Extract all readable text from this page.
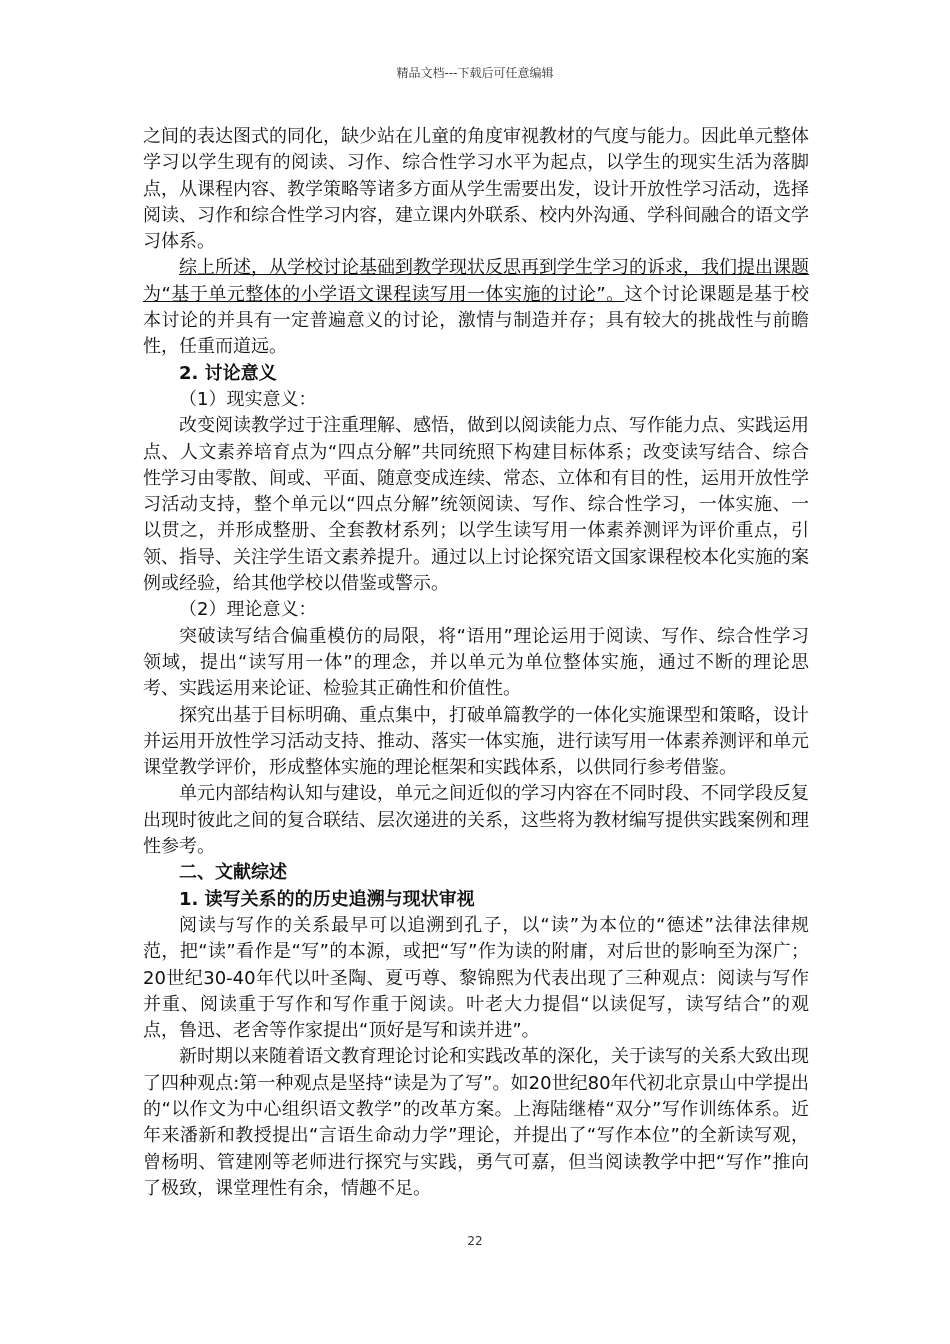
精品文档---下载后可任意编辑

之间的表达图式的同化，缺少站在儿童的角度审视教材的气度与能力。因此单元整体学习以学生现有的阅读、习作、综合性学习水平为起点，以学生的现实生活为落脚点，从课程内容、教学策略等诸多方面从学生需要出发，设计开放性学习活动，选择阅读、习作和综合性学习内容，建立课内外联系、校内外沟通、学科间融合的语文学习体系。

综上所述，从学校讨论基础到教学现状反思再到学生学习的诉求，我们提出课题为“基于单元整体的小学语文课程读写用一体实施的讨论”。这个讨论课题是基于校本讨论的并具有一定普遍意义的讨论，激情与制造并存；具有较大的挑战性与前瞻性，任重而道远。

2. 讨论意义

（1）现实意义：

改变阅读教学过于注重理解、感悟，做到以阅读能力点、写作能力点、实践运用点、人文素养培育点为“四点分解”共同统照下构建目标体系；改变读写结合、综合性学习由零散、间或、平面、随意变成连续、常态、立体和有目的性，运用开放性学习活动支持，整个单元以“四点分解”统领阅读、写作、综合性学习，一体实施、一以贯之，并形成整册、全套教材系列；以学生读写用一体素养测评为评价重点，引领、指导、关注学生语文素养提升。通过以上讨论探究语文国家课程校本化实施的案例或经验，给其他学校以借鉴或警示。

（2）理论意义：

突破读写结合偏重模仿的局限，将“语用”理论运用于阅读、写作、综合性学习领域，提出“读写用一体”的理念，并以单元为单位整体实施，通过不断的理论思考、实践运用来论证、检验其正确性和价值性。

探究出基于目标明确、重点集中，打破单篇教学的一体化实施课型和策略，设计并运用开放性学习活动支持、推动、落实一体实施，进行读写用一体素养测评和单元课堂教学评价，形成整体实施的理论框架和实践体系，以供同行参考借鉴。

单元内部结构认知与建设，单元之间近似的学习内容在不同时段、不同学段反复出现时彼此之间的复合联结、层次递进的关系，这些将为教材编写提供实践案例和理性参考。

二、文献综述

1. 读写关系的的历史追溯与现状审视

阅读与写作的关系最早可以追溯到孔子，以“读”为本位的“德述”法律法律规范，把“读”看作是“写”的本源，或把“写”作为读的附庸，对后世的影响至为深广；20世纪30-40年代以叶圣陶、夏丏尊、黎锦熙为代表出现了三种观点：阅读与写作并重、阅读重于写作和写作重于阅读。叶老大力提倡“以读促写，读写结合”的观点，鲁迅、老舍等作家提出“顶好是写和读并进”。

新时期以来随着语文教育理论讨论和实践改革的深化，关于读写的关系大致出现了四种观点:第一种观点是坚持“读是为了写”。如20世纪80年代初北京景山中学提出的“以作文为中心组织语文教学”的改革方案。上海陆继椿“双分”写作训练体系。近年来潘新和教授提出“言语生命动力学”理论，并提出了“写作本位”的全新读写观，曾杨明、管建刚等老师进行探究与实践，勇气可嘉，但当阅读教学中把“写作”推向了极致，课堂理性有余，情趣不足。

22
